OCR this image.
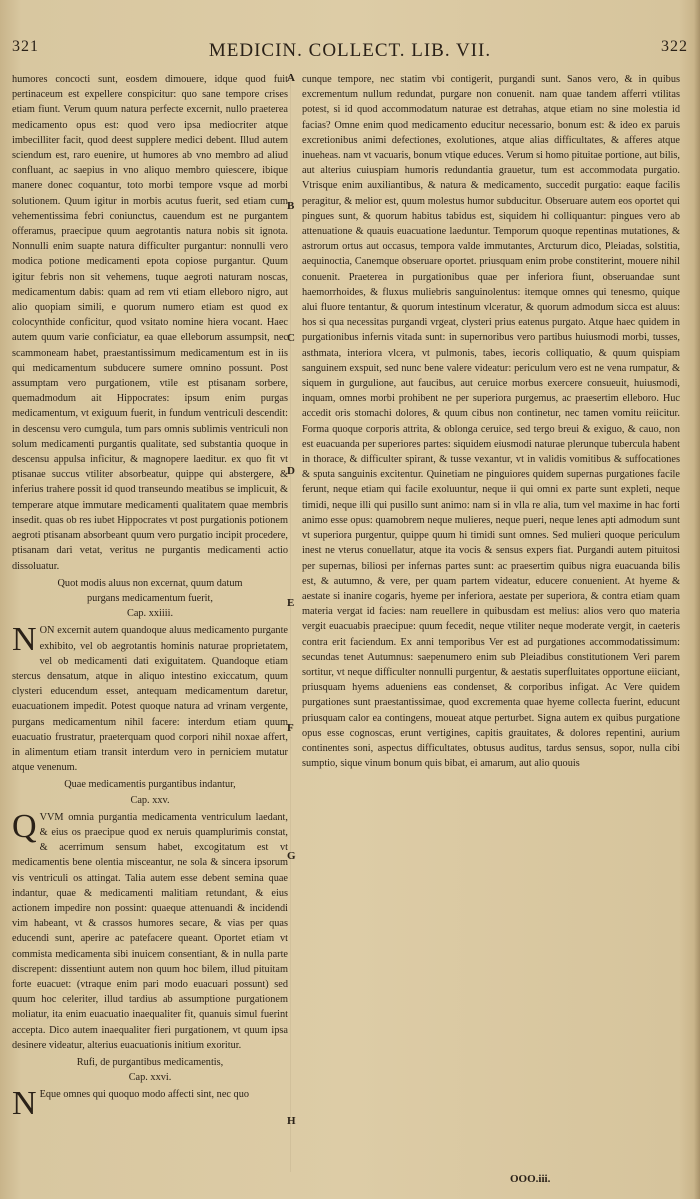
321	MEDICIN. COLLECT. LIB. VII.	322

humores concocti sunt, eosdem dimouere, idque quod fuit pertinaceum est expellere conspicitur: quo sane tempore crises etiam fiunt. Verum quum natura perfecte excernit, nullo praeterea medicamento opus est: quod vero ipsa mediocriter atque imbecilliter facit, quod deest supplere medici debent. Illud autem sciendum est, raro euenire, ut humores ab vno membro ad aliud confluant, ac saepius in vno aliquo membro quiescere, ibique manere donec coquantur, toto morbi tempore vsque ad morbi solutionem. Quum igitur in morbis acutus fuerit, sed etiam cum vehementissima febri coniunctus, cauendum est ne purgantem offeramus, praecipue quum aegrotantis natura nobis sit ignota. Nonnulli enim suapte natura difficulter purgantur: nonnulli vero modica potione medicamenti epota copiose purgantur. Quum igitur febris non sit vehemens, tuque aegroti naturam noscas, medicamentum dabis: quam ad rem vti etiam elleboro nigro, aut alio quopiam simili, e quorum numero etiam est quod ex colocynthide conficitur, quod vsitato nomine hiera vocant. Haec autem quum varie conficiatur, ea quae elleborum assumpsit, nec scammoneam habet, praestantissimum medicamentum est in iis qui medicamentum subducere sumere omnino possunt. Post assumptam vero purgationem, vtile est ptisanam sorbere, quemadmodum ait Hippocrates: ipsum enim purgas medicamentum, vt exiguum fuerit, in fundum ventriculi descendit: in descensu vero cumgula, tum pars omnis sublimis ventriculi non solum medicamenti purgantis qualitate, sed substantia quoque in descensu appulsa inficitur, & magnopere laeditur. ex quo fit vt ptisanae succus vtiliter absorbeatur, quippe qui abstergere, & inferius trahere possit id quod transeundo meatibus se implicuit, & temperare atque immutare medicamenti qualitatem quae membris insedit. quas ob res iubet Hippocrates vt post purgationis potionem aegroti ptisanam absorbeant quum vero purgatio incipit procedere, ptisanam dari vetat, veritus ne purgantis medicamenti actio dissoluatur.

Quot modis aluus non excernat, quum datum
purgans medicamentum fuerit,
Cap. xxiiii.

NON excernit autem quandoque aluus medicamento purgante exhibito, vel ob aegrotantis hominis naturae proprietatem, vel ob medicamenti dati exiguitatem. Quandoque etiam stercus densatum, atque in aliquo intestino exiccatum, quum clysteri educendum esset, antequam medicamentum daretur, euacuationem impedit. Potest quoque natura ad vrinam vergente, purgans medicamentum nihil facere: interdum etiam quum euacuatio frustratur, praeterquam quod corpori nihil noxae affert, in alimentum etiam transit interdum vero in perniciem mutatur atque venenum.

Quae medicamentis purgantibus indantur,
Cap. xxv.

QVVM omnia purgantia medicamenta ventriculum laedant, & eius os praecipue quod ex neruis quamplurimis constat, & acerrimum sensum habet, excogitatum est vt medicamentis bene olentia misceantur, ne sola & sincera ipsorum vis ventriculi os attingat. Talia autem esse debent semina quae indantur, quae & medicamenti malitiam retundant, & eius actionem impedire non possint: quaeque attenuandi & incidendi vim habeant, vt & crassos humores secare, & vias per quas educendi sunt, aperire ac patefacere queant. Oportet etiam vt commista medicamenta sibi inuicem consentiant, & in nulla parte discrepent: dissentiunt autem non quum hoc bilem, illud pituitam forte euacuet: (vtraque enim pari modo euacuari possunt) sed quum hoc celeriter, illud tardius ab assumptione purgationem moliatur, ita enim euacuatio inaequaliter fit, quanuis simul fuerint accepta. Dico autem inaequaliter fieri purgationem, vt quum ipsa desinere videatur, alterius euacuationis initium exoritur.

Rufi, de purgantibus medicamentis,
Cap. xxvi.

N Eque omnes qui quoquo modo affecti sint, nec quo

A
B
C
D
E
F
G
H

cunque tempore, nec statim vbi contigerit, purgandi sunt. Sanos vero, & in quibus excrementum nullum redundat, purgare non conuenit. nam quae tandem afferri vtilitas potest, si id quod accommodatum naturae est detrahas, atque etiam no sine molestia id facias? Omne enim quod medicamento educitur necessario, bonum est: & ideo ex paruis excretionibus animi defectiones, exolutiones, atque alias difficultates, & afferes atque inueheas. nam vt vacuaris, bonum vtique educes. Verum si homo pituitae portione, aut bilis, aut alterius cuiuspiam humoris redundantia grauetur, tum est accommodata purgatio. Vtrisque enim auxiliantibus, & natura & medicamento, succedit purgatio: eaque facilis peragitur, & melior est, quum molestus humor subducitur. Obseruare autem eos oportet qui pingues sunt, & quorum habitus tabidus est, siquidem hi colliquantur: pingues vero ab attenuatione & quauis euacuatione laeduntur. Temporum quoque repentinas mutationes, & astrorum ortus aut occasus, tempora valde immutantes, Arcturum dico, Pleiadas, solstitia, aequinoctia, Canemque obseruare oportet. priusquam enim probe constiterint, mouere nihil conuenit. Praeterea in purgationibus quae per inferiora fiunt, obseruandae sunt haemorrhoides, & fluxus muliebris sanguinolentus: itemque omnes qui tenesmo, quique alui fluore tentantur, & quorum intestinum vlceratur, & quorum admodum sicca est aluus: hos si qua necessitas purgandi vrgeat, clysteri prius eatenus purgato. Atque haec quidem in purgationibus infernis vitada sunt: in supernoribus vero partibus huiusmodi morbi, tusses, asthmata, interiora vlcera, vt pulmonis, tabes, iecoris colliquatio, & quum quispiam sanguinem exspuit, sed nunc bene valere videatur: periculum vero est ne vena rumpatur, & siquem in gurgulione, aut faucibus, aut ceruice morbus exercere consueuit, huiusmodi, inquam, omnes morbi prohibent ne per superiora purgemus, ac praesertim elleboro. Huc accedit oris stomachi dolores, & quum cibus non continetur, nec tamen vomitu reiicitur. Forma quoque corporis attrita, & oblonga ceruice, sed tergo breui & exiguo, & cauo, non est euacuanda per superiores partes: siquidem eiusmodi naturae plerunque tubercula habent in thorace, & difficulter spirant, & tusse vexantur, vt in validis vomitibus & suffocationes & sputa sanguinis excitentur. Quinetiam ne pinguiores quidem supernas purgationes facile ferunt, neque etiam qui facile exoluuntur, neque ii qui omni ex parte sunt expleti, neque timidi, neque illi qui pusillo sunt animo: nam si in vlla re alia, tum vel maxime in hac forti animo esse opus: quamobrem neque mulieres, neque pueri, neque lenes apti admodum sunt vt superiora purgentur, quippe quum hi timidi sunt omnes. Sed mulieri quoque periculum inest ne vterus conuellatur, atque ita vocis & sensus expers fiat. Purgandi autem pituitosi per supernas, biliosi per infernas partes sunt: ac praesertim quibus nigra euacuanda bilis est, & autumno, & vere, per quam partem videatur, educere conuenient. At hyeme & aestate si inanire cogaris, hyeme per inferiora, aestate per superiora, & contra etiam quam materia vergat id facies: nam reuellere in quibusdam est melius: alios vero quo materia vergit euacuabis praecipue: quum fecedit, neque vtiliter neque moderate vergit, in caeteris contra erit faciendum. Ex anni temporibus Ver est ad purgationes accommodatissimum: secundas tenet Autumnus: saepenumero enim sub Pleiadibus constitutionem Veri parem sortitur, vt neque difficulter nonnulli purgentur, & aestatis superfluitates opportune eiiciant, priusquam hyems adueniens eas condenset, & corporibus infigat. Ac Vere quidem purgationes sunt praestantissimae, quod excrementa quae hyeme collecta fuerint, educunt priusquam calor ea contingens, moueat atque perturbet. Signa autem ex quibus purgatione opus esse cognoscas, erunt vertigines, capitis grauitates, & dolores repentini, aurium continentes soni, aspectus difficultates, obtusus auditus, tardus sensus, sopor, nulla cibi sumptio, sique vinum bonum quis bibat, ei amarum, aut alio quouis

OOO.iii.
